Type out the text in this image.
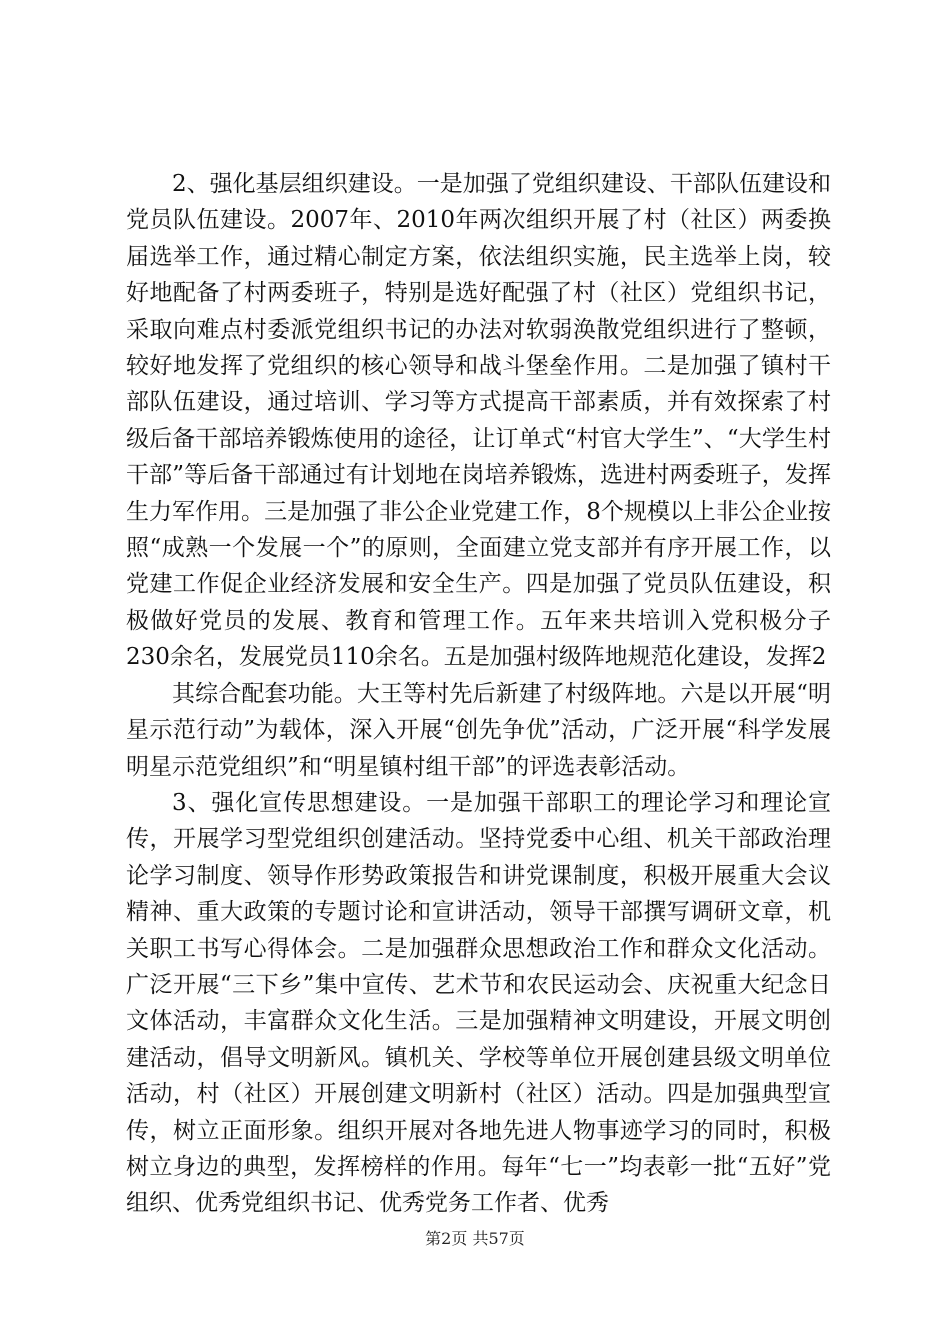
2、强化基层组织建设。一是加强了党组织建设、干部队伍建设和党员队伍建设。2007年、2010年两次组织开展了村（社区）两委换届选举工作，通过精心制定方案，依法组织实施，民主选举上岗，较好地配备了村两委班子，特别是选好配强了村（社区）党组织书记，采取向难点村委派党组织书记的办法对软弱涣散党组织进行了整顿，较好地发挥了党组织的核心领导和战斗堡垒作用。二是加强了镇村干部队伍建设，通过培训、学习等方式提高干部素质，并有效探索了村级后备干部培养锻炼使用的途径，让订单式“村官大学生”、“大学生村干部”等后备干部通过有计划地在岗培养锻炼，选进村两委班子，发挥生力军作用。三是加强了非公企业党建工作，8个规模以上非公企业按照“成熟一个发展一个”的原则，全面建立党支部并有序开展工作，以党建工作促企业经济发展和安全生产。四是加强了党员队伍建设，积极做好党员的发展、教育和管理工作。五年来共培训入党积极分子230余名，发展党员110余名。五是加强村级阵地规范化建设，发挥2

其综合配套功能。大王等村先后新建了村级阵地。六是以开展“明星示范行动”为载体，深入开展“创先争优”活动，广泛开展“科学发展明星示范党组织”和“明星镇村组干部”的评选表彰活动。

3、强化宣传思想建设。一是加强干部职工的理论学习和理论宣传，开展学习型党组织创建活动。坚持党委中心组、机关干部政治理论学习制度、领导作形势政策报告和讲党课制度，积极开展重大会议精神、重大政策的专题讨论和宣讲活动，领导干部撰写调研文章，机关职工书写心得体会。二是加强群众思想政治工作和群众文化活动。广泛开展“三下乡”集中宣传、艺术节和农民运动会、庆祝重大纪念日文体活动，丰富群众文化生活。三是加强精神文明建设，开展文明创建活动，倡导文明新风。镇机关、学校等单位开展创建县级文明单位活动，村（社区）开展创建文明新村（社区）活动。四是加强典型宣传，树立正面形象。组织开展对各地先进人物事迹学习的同时，积极树立身边的典型，发挥榜样的作用。每年“七一”均表彰一批“五好”党组织、优秀党组织书记、优秀党务工作者、优秀

第2页 共57页
